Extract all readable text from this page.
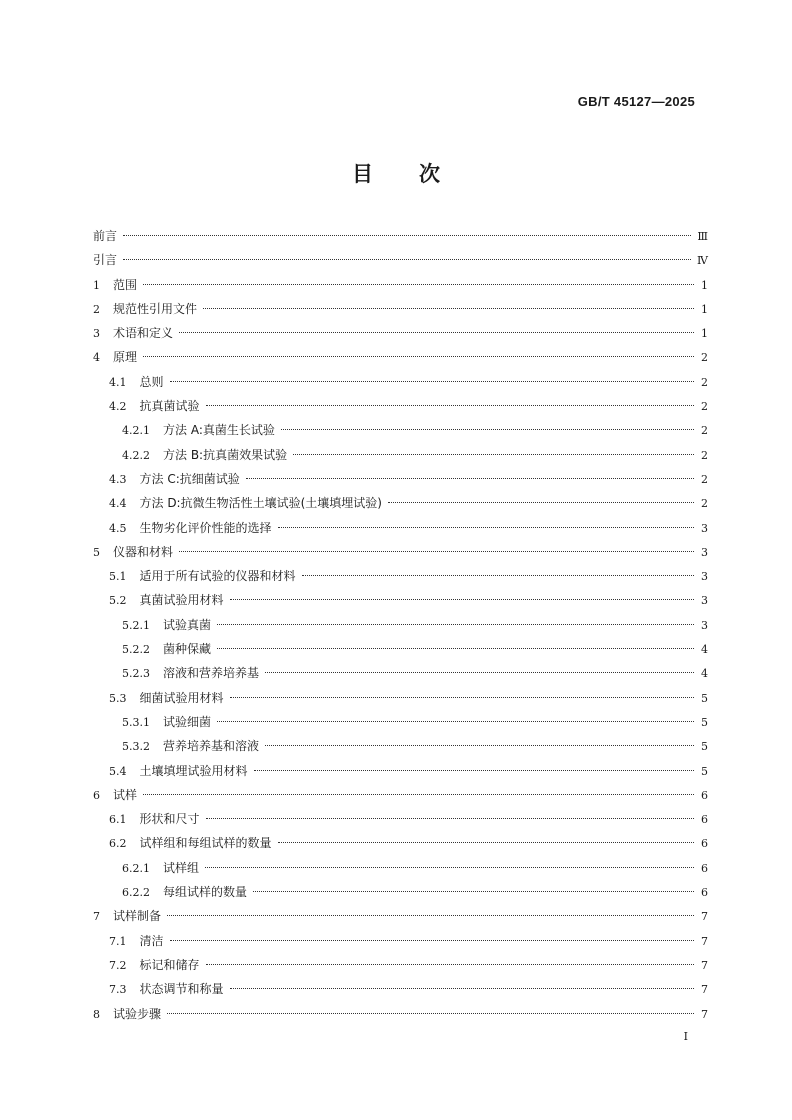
GB/T 45127—2025
目 次
前言	Ⅲ
引言	Ⅳ
1 范围	1
2 规范性引用文件	1
3 术语和定义	1
4 原理	2
4.1 总则	2
4.2 抗真菌试验	2
4.2.1 方法 A:真菌生长试验	2
4.2.2 方法 B:抗真菌效果试验	2
4.3 方法 C:抗细菌试验	2
4.4 方法 D:抗微生物活性土壤试验(土壤填埋试验)	2
4.5 生物劣化评价性能的选择	3
5 仪器和材料	3
5.1 适用于所有试验的仪器和材料	3
5.2 真菌试验用材料	3
5.2.1 试验真菌	3
5.2.2 菌种保藏	4
5.2.3 溶液和营养培养基	4
5.3 细菌试验用材料	5
5.3.1 试验细菌	5
5.3.2 营养培养基和溶液	5
5.4 土壤填埋试验用材料	5
6 试样	6
6.1 形状和尺寸	6
6.2 试样组和每组试样的数量	6
6.2.1 试样组	6
6.2.2 每组试样的数量	6
7 试样制备	7
7.1 清洁	7
7.2 标记和储存	7
7.3 状态调节和称量	7
8 试验步骤	7
I
